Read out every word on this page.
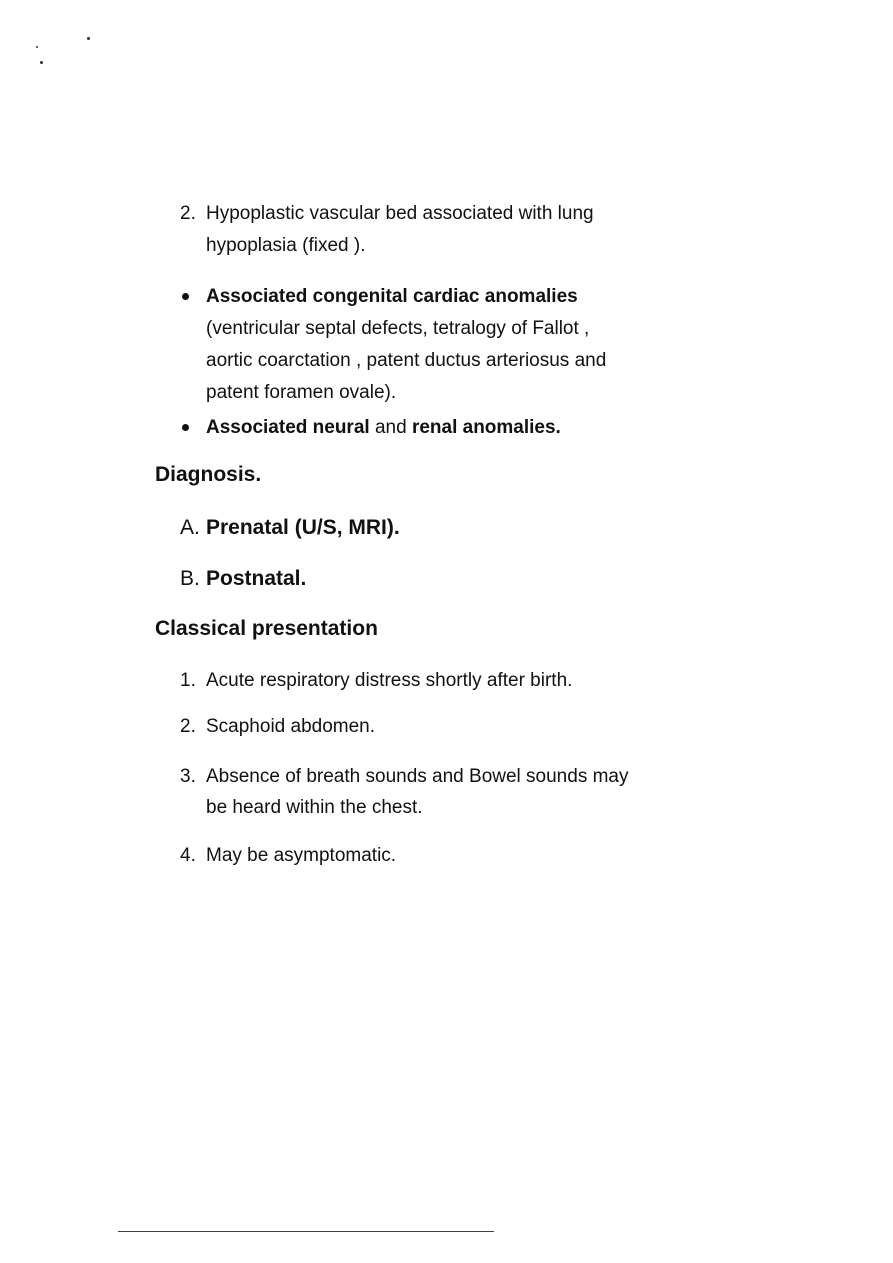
2. Hypoplastic vascular bed associated with lung
hypoplasia (fixed ).
Associated congenital cardiac anomalies
(ventricular septal defects, tetralogy of Fallot ,
aortic coarctation , patent ductus arteriosus and
patent foramen ovale).
Associated neural and renal anomalies.
Diagnosis.
A. Prenatal (U/S, MRI).
B. Postnatal.
Classical presentation
1. Acute respiratory distress shortly after birth.
2. Scaphoid abdomen.
3. Absence of breath sounds and Bowel sounds may
be heard within the chest.
4. May be asymptomatic.
